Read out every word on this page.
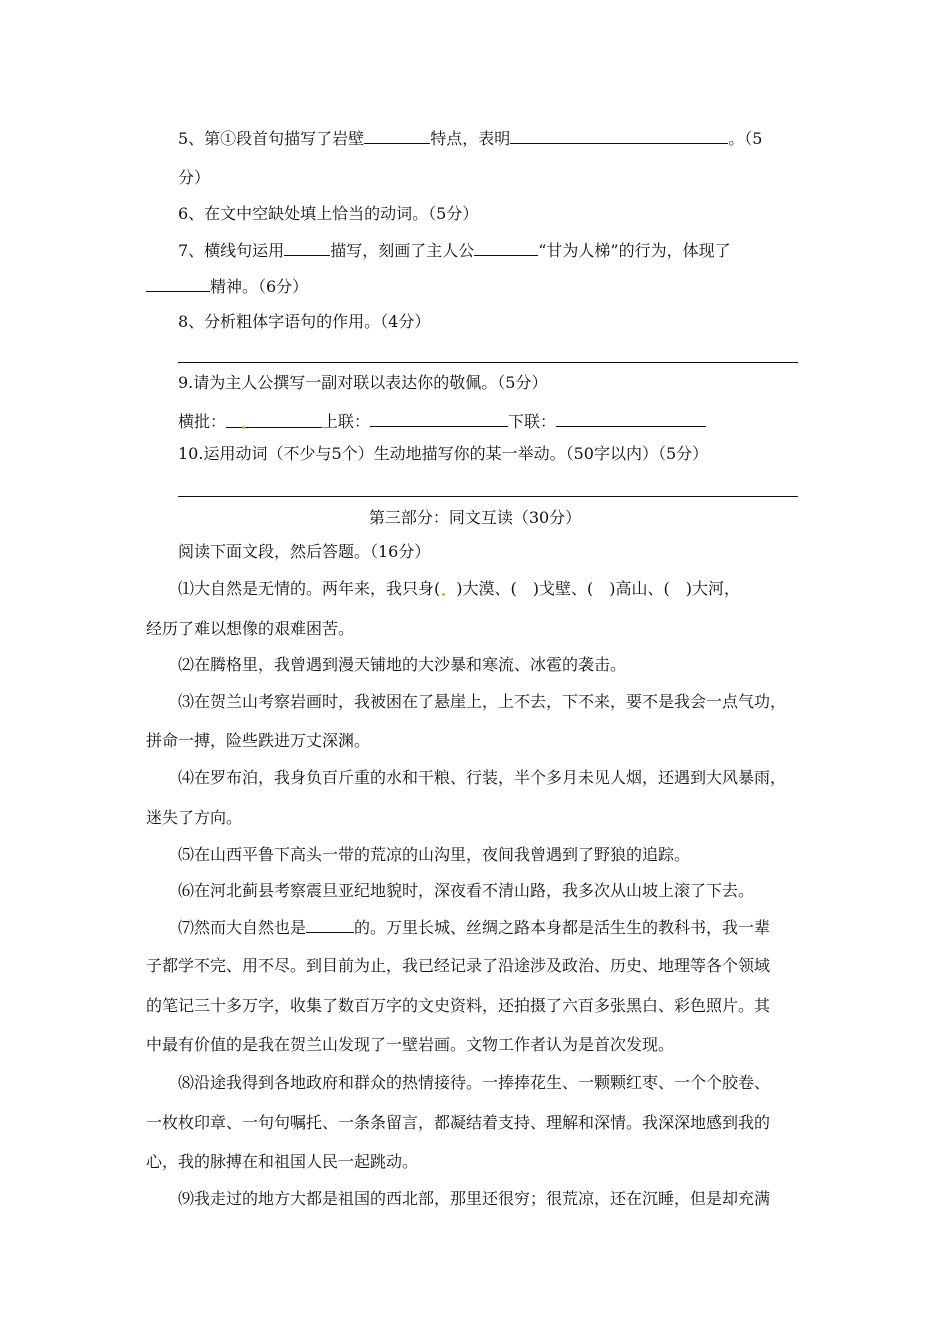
5、第①段首句描写了岩壁	特点，表明	。（5
分）
6、在文中空缺处填上恰当的动词。（5分）
7、横线句运用	描写，刻画了主人公	“甘为人梯”的行为，体现了
精神。（6分）
8、分析粗体字语句的作用。（4分）
9.请为主人公撰写一副对联以表达你的敬佩。（5分）
横批：	上联：	下联：
10.运用动词（不少与5个）生动地描写你的某一举动。（50字以内）（5分）
第三部分：同文互读（30分）
阅读下面文段，然后答题。（16分）
⑴大自然是无情的。两年来，我只身( )大漠、( )戈壁、( )高山、( )大河，
经历了难以想像的艰难困苦。
⑵在腾格里，我曾遇到漫天铺地的大沙暴和寒流、冰雹的袭击。
⑶在贺兰山考察岩画时，我被困在了悬崖上，上不去，下不来，要不是我会一点气功，
拼命一搏，险些跌进万丈深渊。
⑷在罗布泊，我身负百斤重的水和干粮、行装，半个多月未见人烟，还遇到大风暴雨，
迷失了方向。
⑸在山西平鲁下高头一带的荒凉的山沟里，夜间我曾遇到了野狼的追踪。
⑹在河北蓟县考察震旦亚纪地貌时，深夜看不清山路，我多次从山坡上滚了下去。
⑺然而大自然也是	的。万里长城、丝绸之路本身都是活生生的教科书，我一辈
子都学不完、用不尽。到目前为止，我已经记录了沿途涉及政治、历史、地理等各个领域
的笔记三十多万字，收集了数百万字的文史资料，还拍摄了六百多张黑白、彩色照片。其
中最有价值的是我在贺兰山发现了一壁岩画。文物工作者认为是首次发现。
⑻沿途我得到各地政府和群众的热情接待。一捧捧花生、一颗颗红枣、一个个胶卷、
一枚枚印章、一句句嘱托、一条条留言，都凝结着支持、理解和深情。我深深地感到我的
心，我的脉搏在和祖国人民一起跳动。
⑼我走过的地方大都是祖国的西北部，那里还很穷；很荒凉，还在沉睡，但是却充满
